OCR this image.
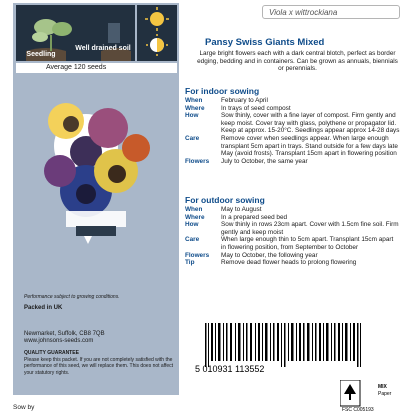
Seedling
Well drained soil
Average 120 seeds

Performance subject to growing conditions.

Packed in UK

Newmarket, Suffolk, CB8 7QB

www.johnsons-seeds.com

QUALITY GUARANTEE

Please keep this packet. If you are not completely satisfied with the performance of this seed, we will replace them. This does not affect your statutory rights.

Viola x wittrockiana
Pansy Swiss Giants Mixed
Large bright flowers each with a dark central blotch, perfect as border edging, bedding and in containers. Can be grown as annuals, biennials or perennials.
For indoor sowing
When	February to April
Where	In trays of seed compost
How	Sow thinly, cover with a fine layer of compost. Firm gently and keep moist. Cover tray with glass, polythene or propagator lid. Keep at approx. 15-20°C. Seedlings appear approx 14-28 days
Care	Remove cover when seedlings appear. When large enough transplant 5cm apart in trays. Stand outside for a few days late May (avoid frosts). Transplant 15cm apart in flowering position
Flowers	July to October, the same year
For outdoor sowing
When	May to August
Where	In a prepared seed bed
How	Sow thinly in rows 23cm apart. Cover with 1.5cm fine soil. Firm gently and keep moist
Care	When large enough thin to 5cm apart. Transplant 15cm apart in flowering position, from September to October
Flowers	May to October, the following year
Tip	Remove dead flower heads to prolong flowering
5 010931 113552
Sow by	FSC C005193
MIX
Paper
